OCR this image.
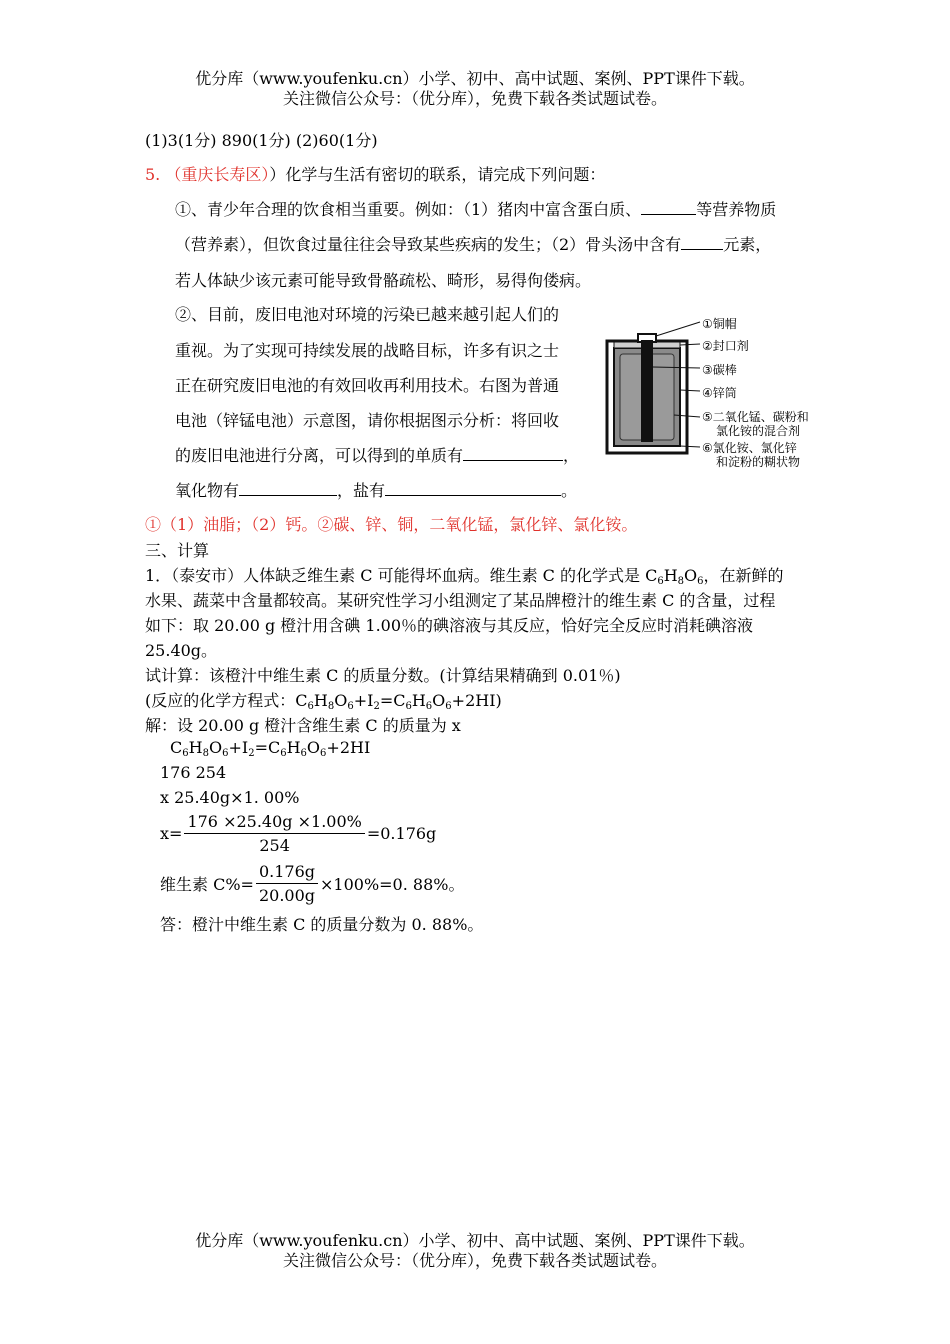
优分库（www.youfenku.cn）小学、初中、高中试题、案例、PPT课件下载。
关注微信公众号：（优分库），免费下载各类试题试卷。
(1)3(1分) 890(1分) (2)60(1分)
5. （重庆长寿区））化学与生活有密切的联系，请完成下列问题：
①、青少年合理的饮食相当重要。例如：（1）猪肉中富含蛋白质、	等营养物质
（营养素），但饮食过量往往会导致某些疾病的发生；（2）骨头汤中含有	元素，
若人体缺少该元素可能导致骨骼疏松、畸形，易得佝偻病。
②、目前，废旧电池对环境的污染已越来越引起人们的
重视。为了实现可持续发展的战略目标，许多有识之士
正在研究废旧电池的有效回收再利用技术。右图为普通
电池（锌锰电池）示意图，请你根据图示分析：将回收
的废旧电池进行分离，可以得到的单质有	，
氧化物有	，盐有	。
①（1）油脂；（2）钙。②碳、锌、铜，二氧化锰，氯化锌、氯化铵。
①铜帽
②封口剂
③碳棒
④锌筒
⑤二氧化锰、碳粉和
氯化铵的混合剂
⑥氯化铵、氯化锌
和淀粉的糊状物
三、计算
1．（泰安市）人体缺乏维生素 C 可能得坏血病。维生素 C 的化学式是 $C_6H_8O_6$，在新鲜的
水果、蔬菜中含量都较高。某研究性学习小组测定了某品牌橙汁的维生素 C 的含量，过程
如下：取 20.00 g 橙汁用含碘 1.00％的碘溶液与其反应，恰好完全反应时消耗碘溶液
25.40g。
试计算：该橙汁中维生素 C 的质量分数。(计算结果精确到 0.01％)
(反应的化学方程式：$C_6H_8O_6+I_2=C_6H_6O_6+2HI$)
解：设 20.00 g 橙汁含维生素 C 的质量为 x
$C_6H_8O_6+I_2=C_6H_6O_6+2HI$
176 254
x 25.40g×1. 00%
$x= \frac{176 \times 25.40g \times 1.00\%}{254} =0.176g$
维生素 $C\%= \frac{0.176g}{20.00g} \times 100\%=0$. 88%。
答：橙汁中维生素 C 的质量分数为 0. 88%。
优分库（www.youfenku.cn）小学、初中、高中试题、案例、PPT课件下载。
关注微信公众号：（优分库），免费下载各类试题试卷。
